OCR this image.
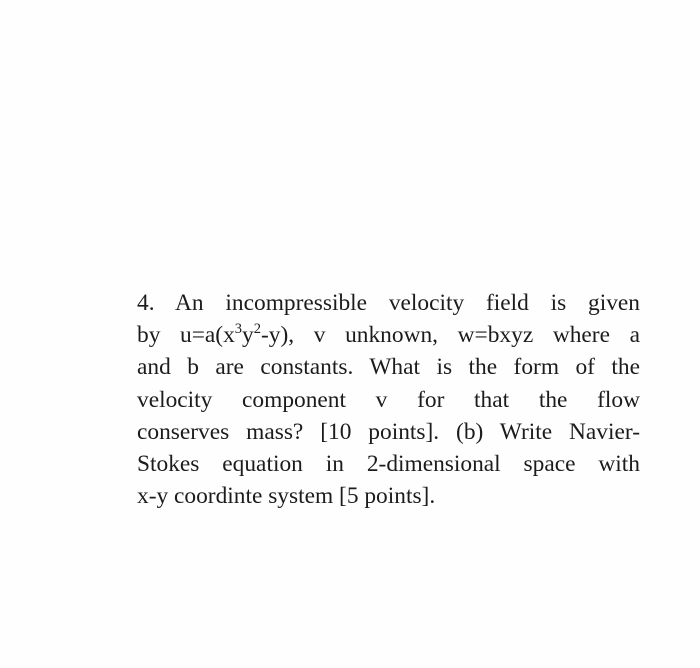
4. An incompressible velocity field is given
by $u=a(x^3y^2-y)$, v unknown, w=bxyz where a
and b are constants. What is the form of the
velocity component v for that the flow
conserves mass? [10 points]. (b) Write Navier-
Stokes equation in 2-dimensional space with
x-y coordinte system [5 points].
